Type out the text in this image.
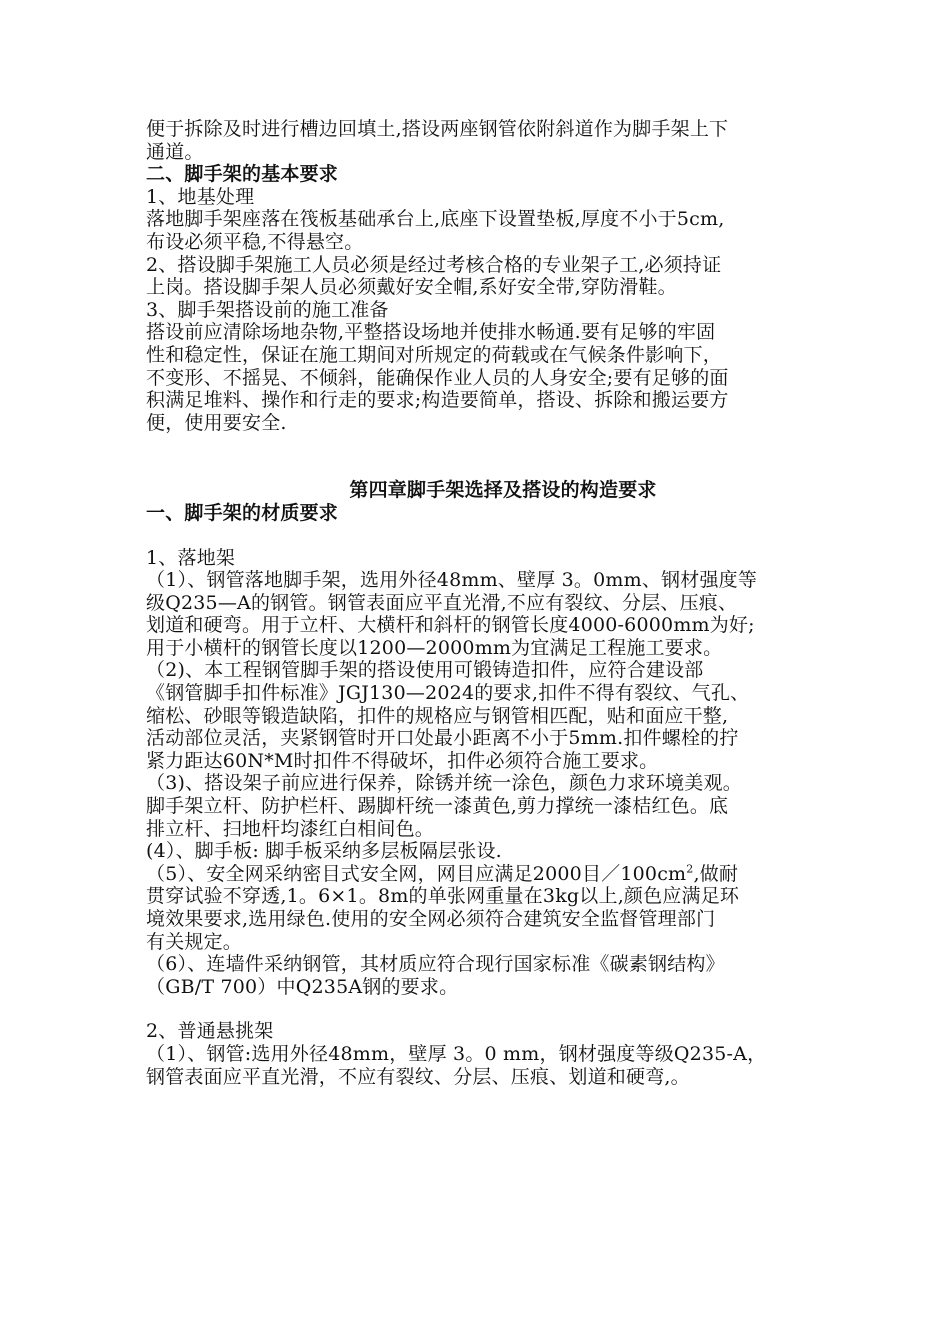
便于拆除及时进行槽边回填土,搭设两座钢管依附斜道作为脚手架上下

通道。

二、脚手架的基本要求

1、地基处理

落地脚手架座落在筏板基础承台上,底座下设置垫板,厚度不小于5cm,

布设必须平稳,不得悬空。

2、搭设脚手架施工人员必须是经过考核合格的专业架子工,必须持证

上岗。搭设脚手架人员必须戴好安全帽,系好安全带,穿防滑鞋。

3、脚手架搭设前的施工准备

搭设前应清除场地杂物,平整搭设场地并使排水畅通.要有足够的牢固

性和稳定性，保证在施工期间对所规定的荷载或在气候条件影响下，

不变形、不摇晃、不倾斜，能确保作业人员的人身安全;要有足够的面

积满足堆料、操作和行走的要求;构造要简单，搭设、拆除和搬运要方

便，使用要安全.

第四章脚手架选择及搭设的构造要求

一、脚手架的材质要求

1、落地架

（1）、钢管落地脚手架，选用外径48mm、壁厚 3。0mm、钢材强度等

级Q235—A的钢管。钢管表面应平直光滑,不应有裂纹、分层、压痕、

划道和硬弯。用于立杆、大横杆和斜杆的钢管长度4000-6000mm为好;

用于小横杆的钢管长度以1200—2000mm为宜满足工程施工要求。

（2)、本工程钢管脚手架的搭设使用可锻铸造扣件，应符合建设部

《钢管脚手扣件标准》JGJ130—2024的要求,扣件不得有裂纹、气孔、

缩松、砂眼等锻造缺陷，扣件的规格应与钢管相匹配，贴和面应干整,

活动部位灵活，夹紧钢管时开口处最小距离不小于5mm.扣件螺栓的拧

紧力距达60N*M时扣件不得破坏，扣件必须符合施工要求。

（3)、搭设架子前应进行保养，除锈并统一涂色，颜色力求环境美观。

脚手架立杆、防护栏杆、踢脚杆统一漆黄色,剪力撑统一漆桔红色。底

排立杆、扫地杆均漆红白相间色。

(4）、脚手板: 脚手板采纳多层板隔层张设.

（5）、安全网采纳密目式安全网，网目应满足2000目$/100cm^2$,做耐

贯穿试验不穿透,1。6×1。8m的单张网重量在3kg以上,颜色应满足环

境效果要求,选用绿色.使用的安全网必须符合建筑安全监督管理部门

有关规定。

（6）、连墙件采纳钢管，其材质应符合现行国家标准《碳素钢结构》

（GB/T 700）中Q235A钢的要求。

2、普通悬挑架

（1）、钢管:选用外径48mm，壁厚 3。0 mm，钢材强度等级Q235-A，

钢管表面应平直光滑，不应有裂纹、分层、压痕、划道和硬弯,。
